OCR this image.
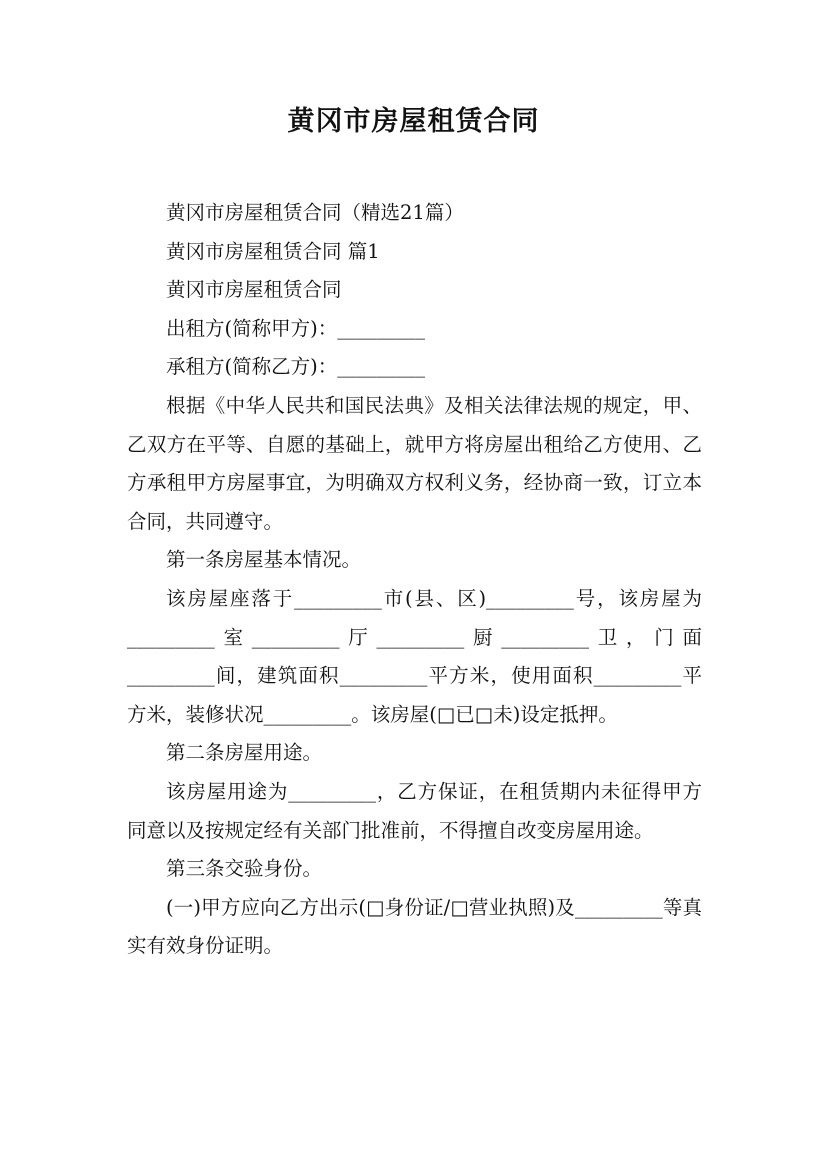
黄冈市房屋租赁合同

黄冈市房屋租赁合同（精选21篇）

黄冈市房屋租赁合同 篇1

黄冈市房屋租赁合同

出租方(简称甲方)：_________

承租方(简称乙方)：_________

根据《中华人民共和国民法典》及相关法律法规的规定，甲、乙双方在平等、自愿的基础上，就甲方将房屋出租给乙方使用、乙方承租甲方房屋事宜，为明确双方权利义务，经协商一致，订立本合同，共同遵守。

第一条房屋基本情况。

该房屋座落于_________市(县、区)_________号，该房屋为_________室_________厅_________厨_________卫，门面_________间，建筑面积_________平方米，使用面积_________平方米，装修状况_________。该房屋(□已□未)设定抵押。

第二条房屋用途。

该房屋用途为_________，乙方保证，在租赁期内未征得甲方同意以及按规定经有关部门批准前，不得擅自改变房屋用途。

第三条交验身份。

(一)甲方应向乙方出示(□身份证/□营业执照)及_________等真实有效身份证明。
